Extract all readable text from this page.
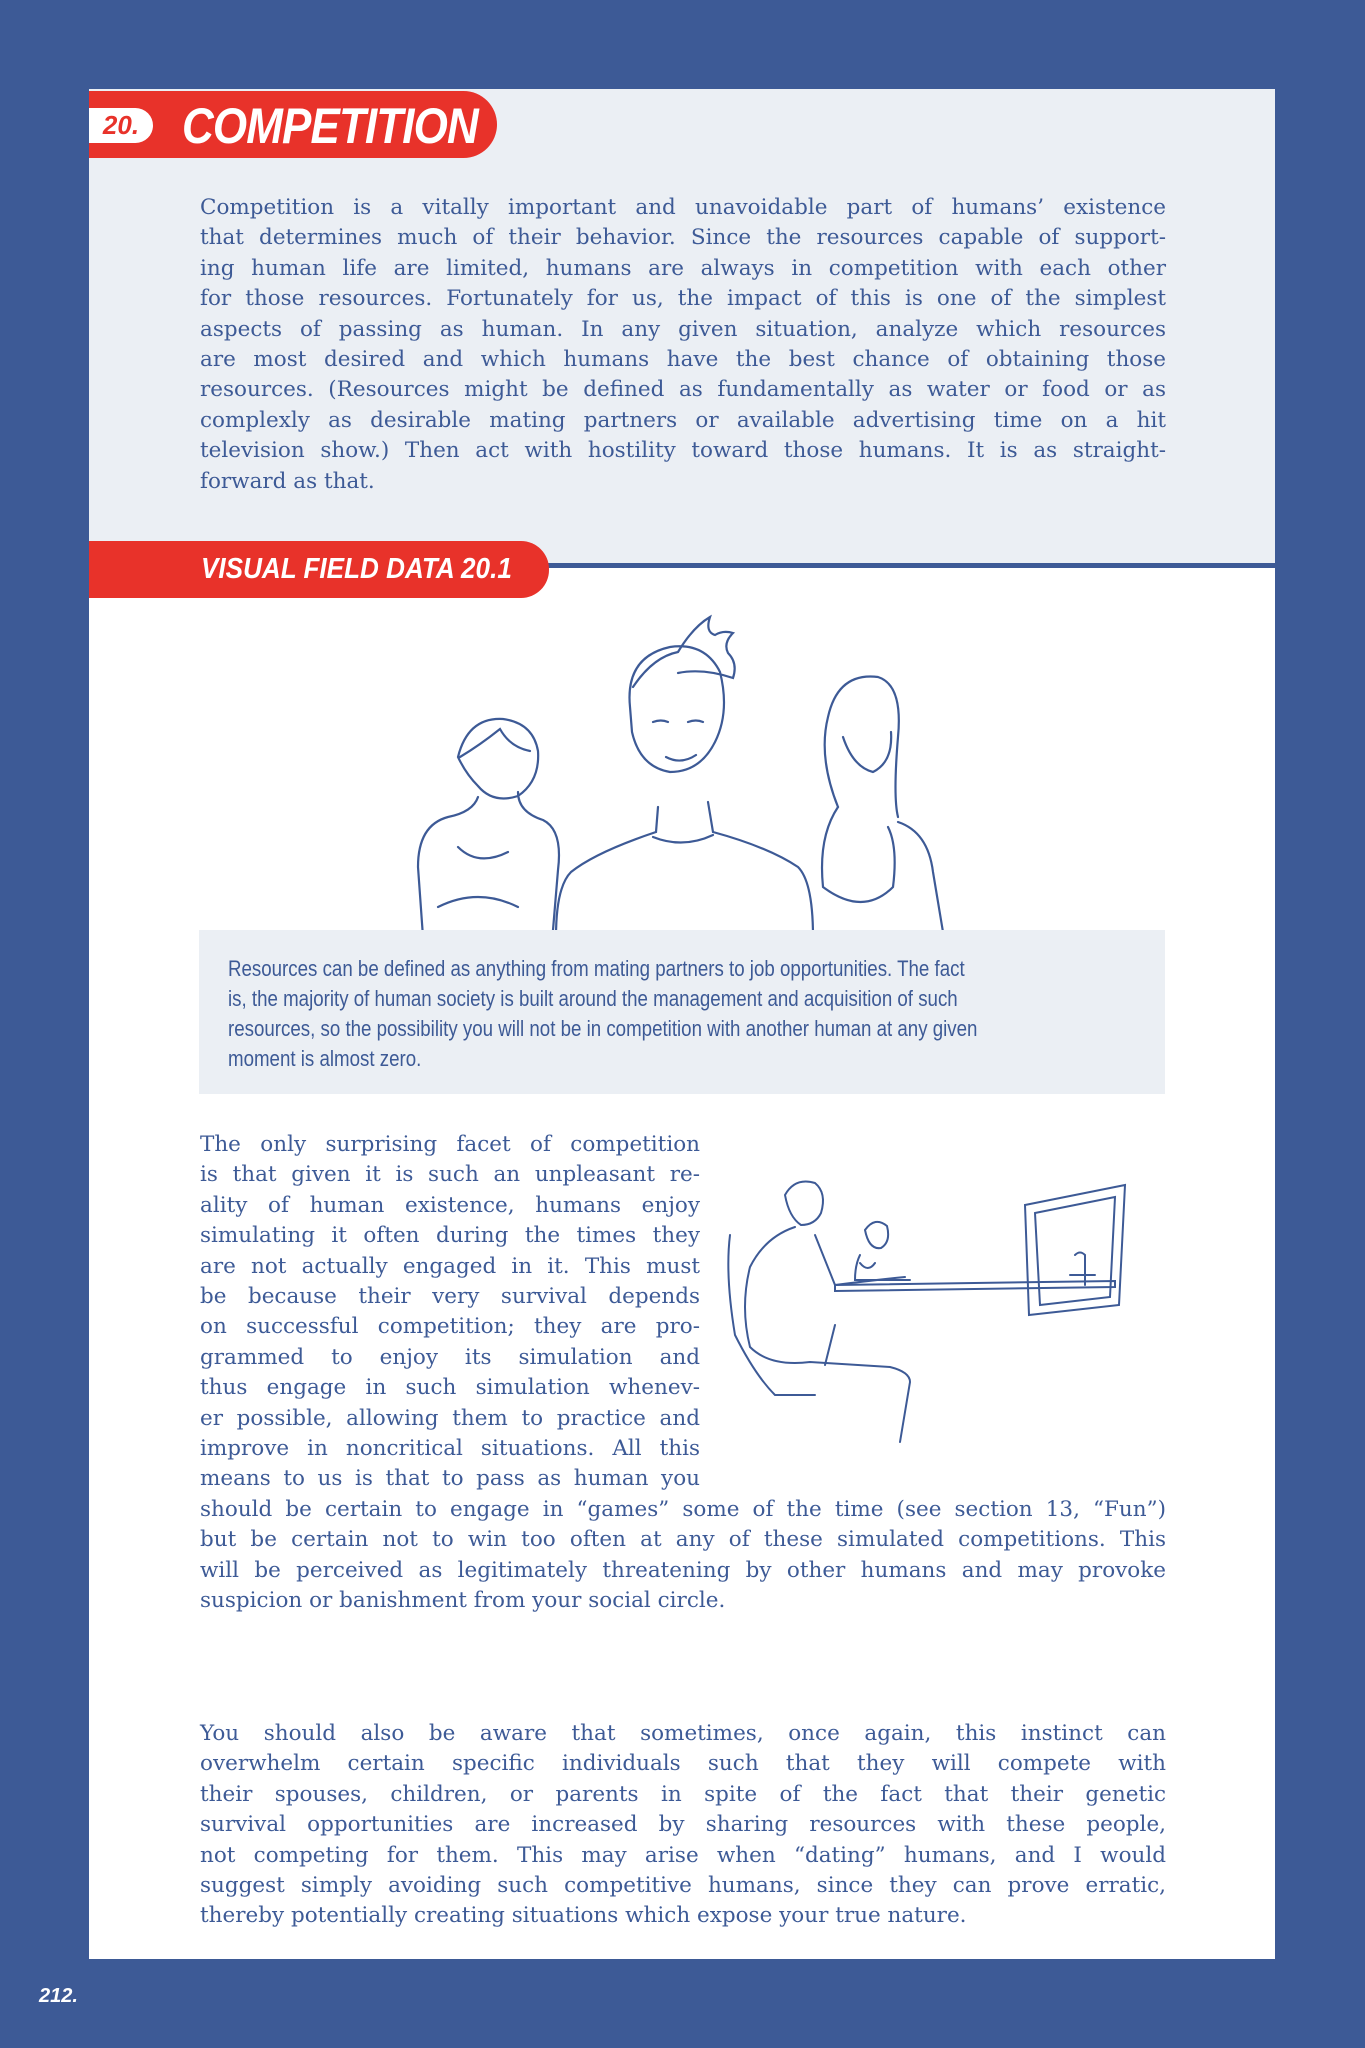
20. COMPETITION
Competition is a vitally important and unavoidable part of humans’ existence
that determines much of their behavior. Since the resources capable of support-
ing human life are limited, humans are always in competition with each other
for those resources. Fortunately for us, the impact of this is one of the simplest
aspects of passing as human. In any given situation, analyze which resources
are most desired and which humans have the best chance of obtaining those
resources. (Resources might be defined as fundamentally as water or food or as
complexly as desirable mating partners or available advertising time on a hit
television show.) Then act with hostility toward those humans. It is as straight-
forward as that.
VISUAL FIELD DATA 20.1
Resources can be defined as anything from mating partners to job opportunities. The fact
is, the majority of human society is built around the management and acquisition of such
resources, so the possibility you will not be in competition with another human at any given
moment is almost zero.
The only surprising facet of competition
is that given it is such an unpleasant re-
ality of human existence, humans enjoy
simulating it often during the times they
are not actually engaged in it. This must
be because their very survival depends
on successful competition; they are pro-
grammed to enjoy its simulation and
thus engage in such simulation whenev-
er possible, allowing them to practice and
improve in noncritical situations. All this
means to us is that to pass as human you
should be certain to engage in “games” some of the time (see section 13, “Fun”)
but be certain not to win too often at any of these simulated competitions. This
will be perceived as legitimately threatening by other humans and may provoke
suspicion or banishment from your social circle.
You should also be aware that sometimes, once again, this instinct can
overwhelm certain specific individuals such that they will compete with
their spouses, children, or parents in spite of the fact that their genetic
survival opportunities are increased by sharing resources with these people,
not competing for them. This may arise when “dating” humans, and I would
suggest simply avoiding such competitive humans, since they can prove erratic,
thereby potentially creating situations which expose your true nature.
212.
